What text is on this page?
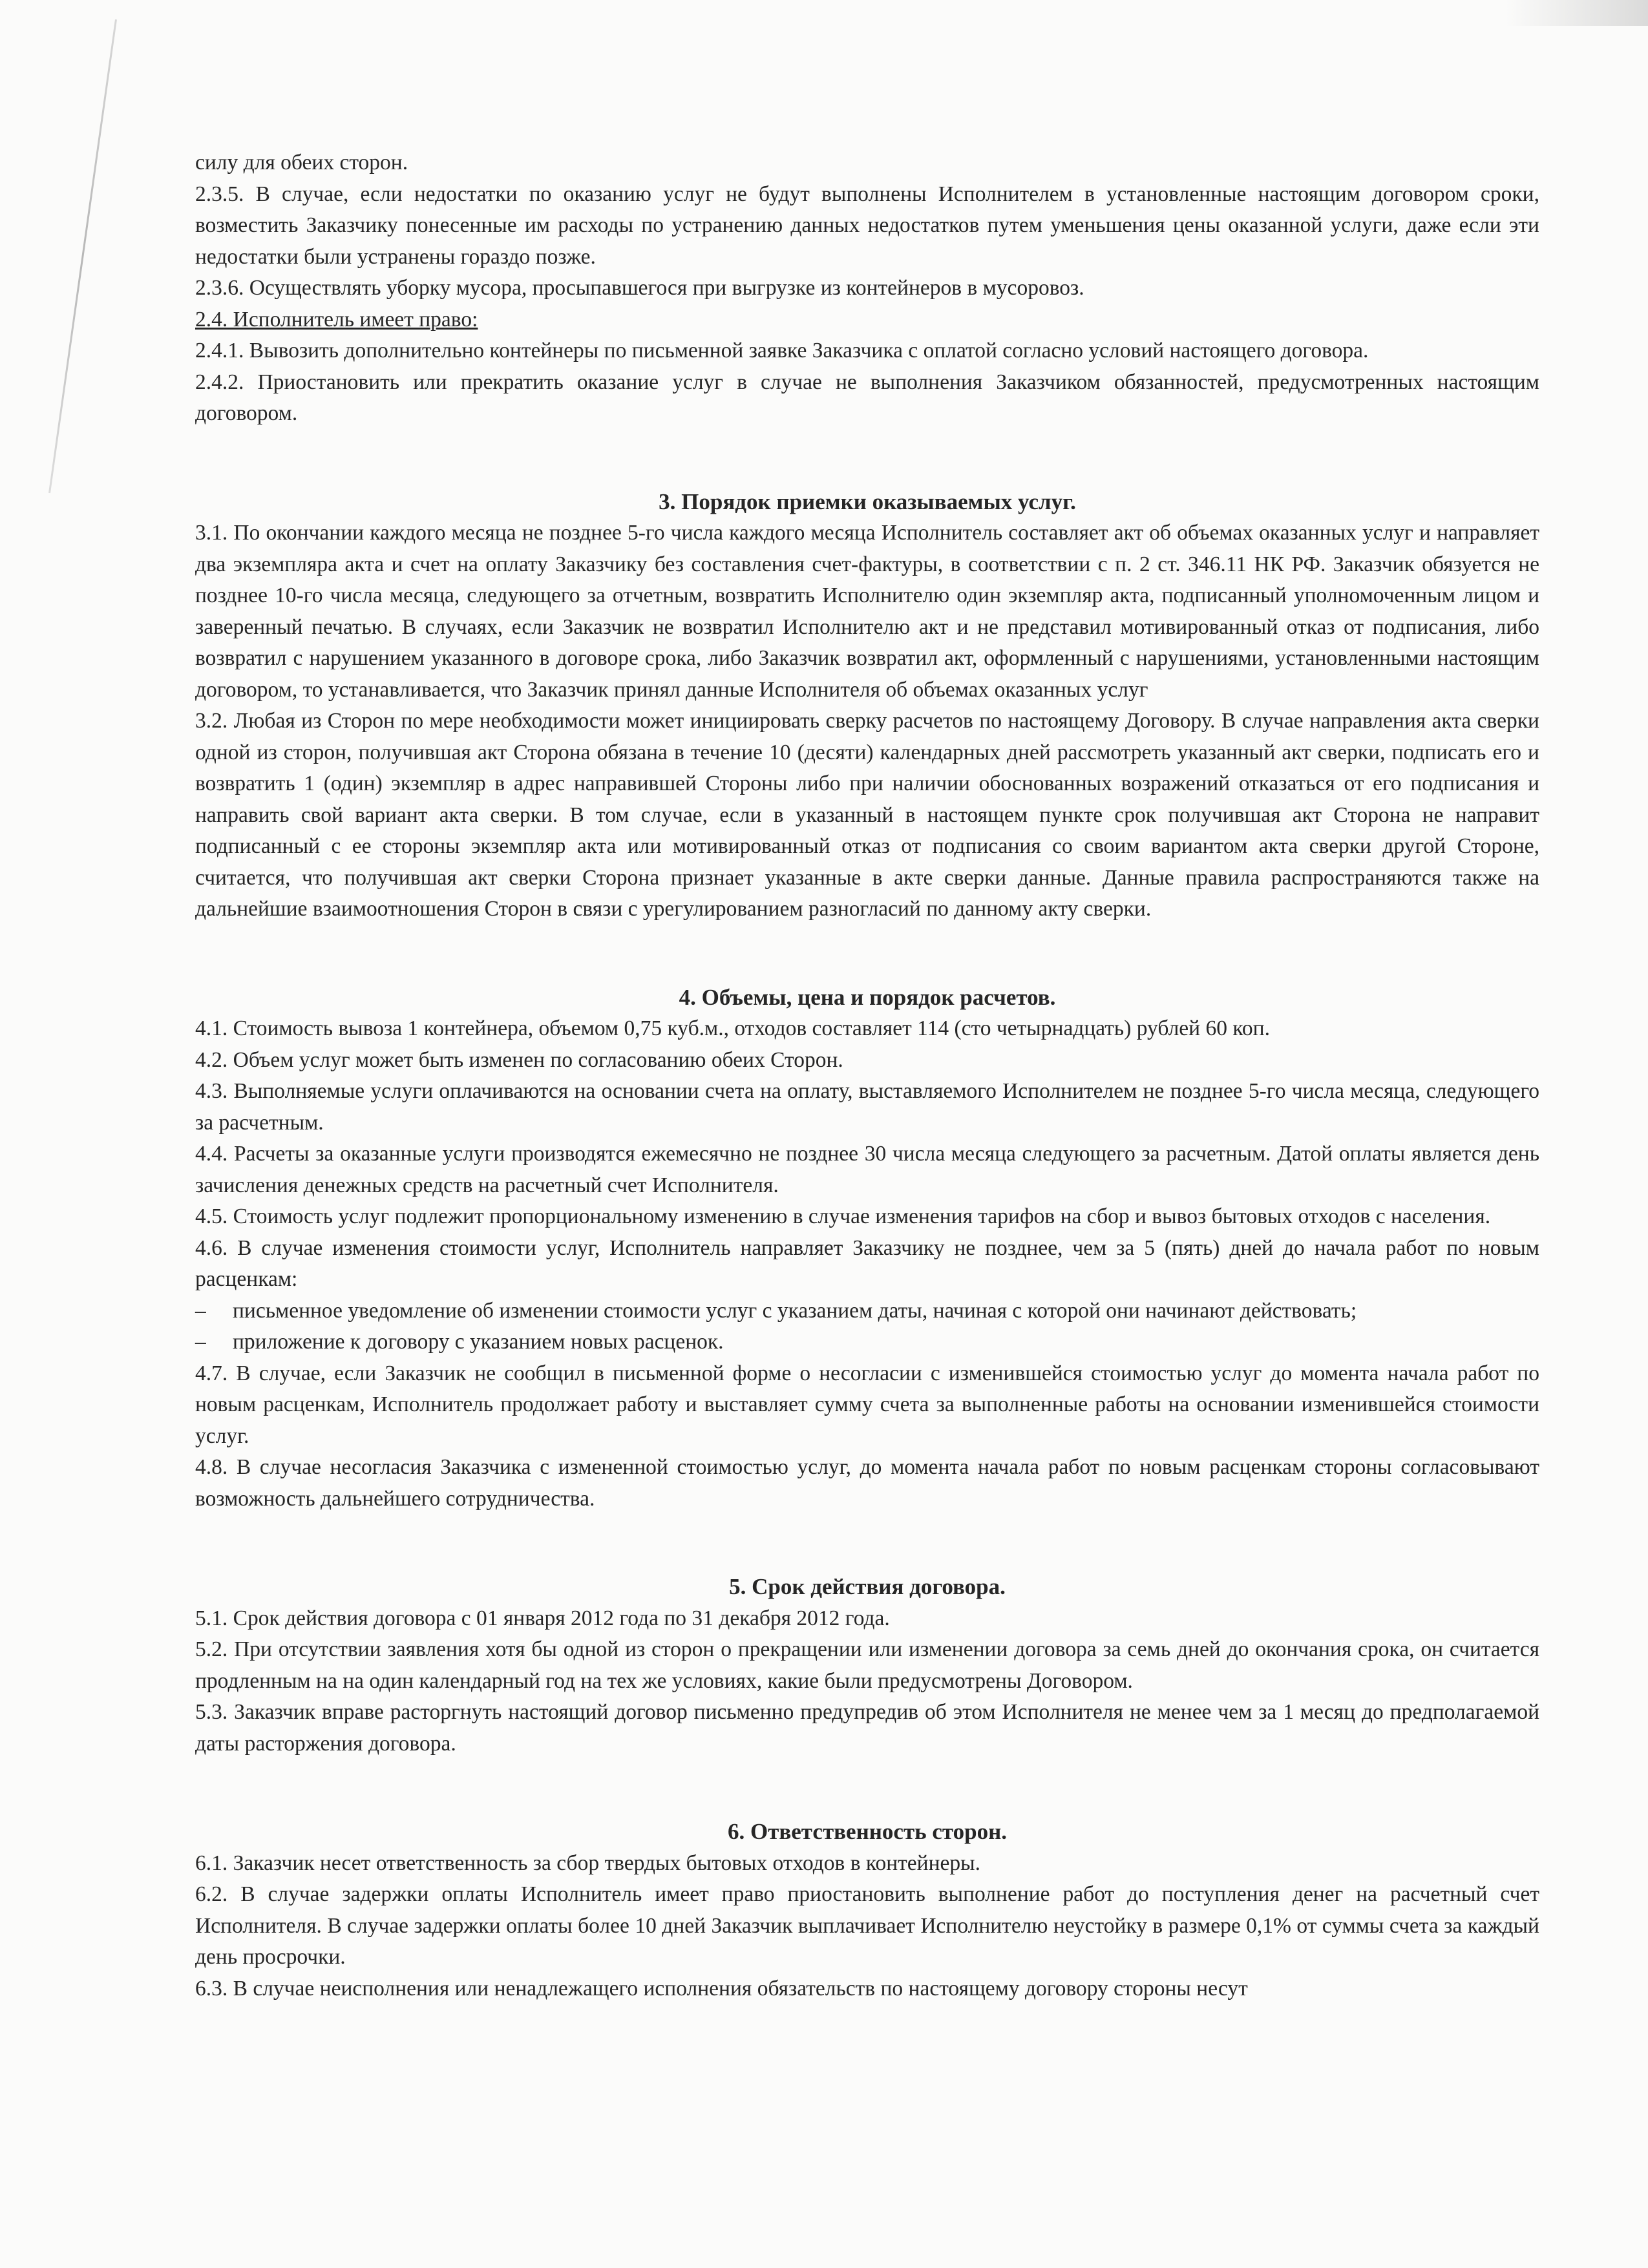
силу для обеих сторон.

2.3.5. В случае, если недостатки по оказанию услуг не будут выполнены Исполнителем в установленные настоящим договором сроки, возместить Заказчику понесенные им расходы по устранению данных недостатков путем уменьшения цены оказанной услуги, даже если эти недостатки были устранены гораздо позже.

2.3.6. Осуществлять уборку мусора, просыпавшегося при выгрузке из контейнеров в мусоровоз.

2.4. Исполнитель имеет право:

2.4.1. Вывозить дополнительно контейнеры по письменной заявке Заказчика с оплатой согласно условий настоящего договора.

2.4.2. Приостановить или прекратить оказание услуг в случае не выполнения Заказчиком обязанностей, предусмотренных настоящим договором.

3. Порядок приемки оказываемых услуг.

3.1. По окончании каждого месяца не позднее 5-го числа каждого месяца Исполнитель составляет акт об объемах оказанных услуг и направляет два экземпляра акта и счет на оплату Заказчику без составления счет-фактуры, в соответствии с п. 2 ст. 346.11 НК РФ. Заказчик обязуется не позднее 10-го числа месяца, следующего за отчетным, возвратить Исполнителю один экземпляр акта, подписанный уполномоченным лицом и заверенный печатью. В случаях, если Заказчик не возвратил Исполнителю акт и не представил мотивированный отказ от подписания, либо возвратил с нарушением указанного в договоре срока, либо Заказчик возвратил акт, оформленный с нарушениями, установленными настоящим договором, то устанавливается, что Заказчик принял данные Исполнителя об объемах оказанных услуг

3.2. Любая из Сторон по мере необходимости может инициировать сверку расчетов по настоящему Договору. В случае направления акта сверки одной из сторон, получившая акт Сторона обязана в течение 10 (десяти) календарных дней рассмотреть указанный акт сверки, подписать его и возвратить 1 (один) экземпляр в адрес направившей Стороны либо при наличии обоснованных возражений отказаться от его подписания и направить свой вариант акта сверки. В том случае, если в указанный в настоящем пункте срок получившая акт Сторона не направит подписанный с ее стороны экземпляр акта или мотивированный отказ от подписания со своим вариантом акта сверки другой Стороне, считается, что получившая акт сверки Сторона признает указанные в акте сверки данные. Данные правила распространяются также на дальнейшие взаимоотношения Сторон в связи с урегулированием разногласий по данному акту сверки.

4. Объемы, цена и порядок расчетов.

4.1. Стоимость вывоза 1 контейнера, объемом 0,75 куб.м., отходов составляет 114 (сто четырнадцать) рублей 60 коп.

4.2. Объем услуг может быть изменен по согласованию обеих Сторон.

4.3. Выполняемые услуги оплачиваются на основании счета на оплату, выставляемого Исполнителем не позднее 5-го числа месяца, следующего за расчетным.

4.4. Расчеты за оказанные услуги производятся ежемесячно не позднее 30 числа месяца следующего за расчетным. Датой оплаты является день зачисления денежных средств на расчетный счет Исполнителя.

4.5. Стоимость услуг подлежит пропорциональному изменению в случае изменения тарифов на сбор и вывоз бытовых отходов с населения.

4.6. В случае изменения стоимости услуг, Исполнитель направляет Заказчику не позднее, чем за 5 (пять) дней до начала работ по новым расценкам:

–	письменное уведомление об изменении стоимости услуг с указанием даты, начиная с которой они начинают действовать;
–	приложение к договору с указанием новых расценок.

4.7. В случае, если Заказчик не сообщил в письменной форме о несогласии с изменившейся стоимостью услуг до момента начала работ по новым расценкам, Исполнитель продолжает работу и выставляет сумму счета за выполненные работы на основании изменившейся стоимости услуг.

4.8. В случае несогласия Заказчика с измененной стоимостью услуг, до момента начала работ по новым расценкам стороны согласовывают возможность дальнейшего сотрудничества.

5. Срок действия договора.

5.1. Срок действия договора с 01 января 2012 года по 31 декабря 2012 года.

5.2. При отсутствии заявления хотя бы одной из сторон о прекращении или изменении договора за семь дней до окончания срока, он считается продленным на на один календарный год на тех же условиях, какие были предусмотрены Договором.

5.3. Заказчик вправе расторгнуть настоящий договор письменно предупредив об этом Исполнителя не менее чем за 1 месяц до предполагаемой даты расторжения договора.

6. Ответственность сторон.

6.1. Заказчик несет ответственность за сбор твердых бытовых отходов в контейнеры.

6.2. В случае задержки оплаты Исполнитель имеет право приостановить выполнение работ до поступления денег на расчетный счет Исполнителя. В случае задержки оплаты более 10 дней Заказчик выплачивает Исполнителю неустойку в размере 0,1% от суммы счета за каждый день просрочки.

6.3. В случае неисполнения или ненадлежащего исполнения обязательств по настоящему договору стороны несут
